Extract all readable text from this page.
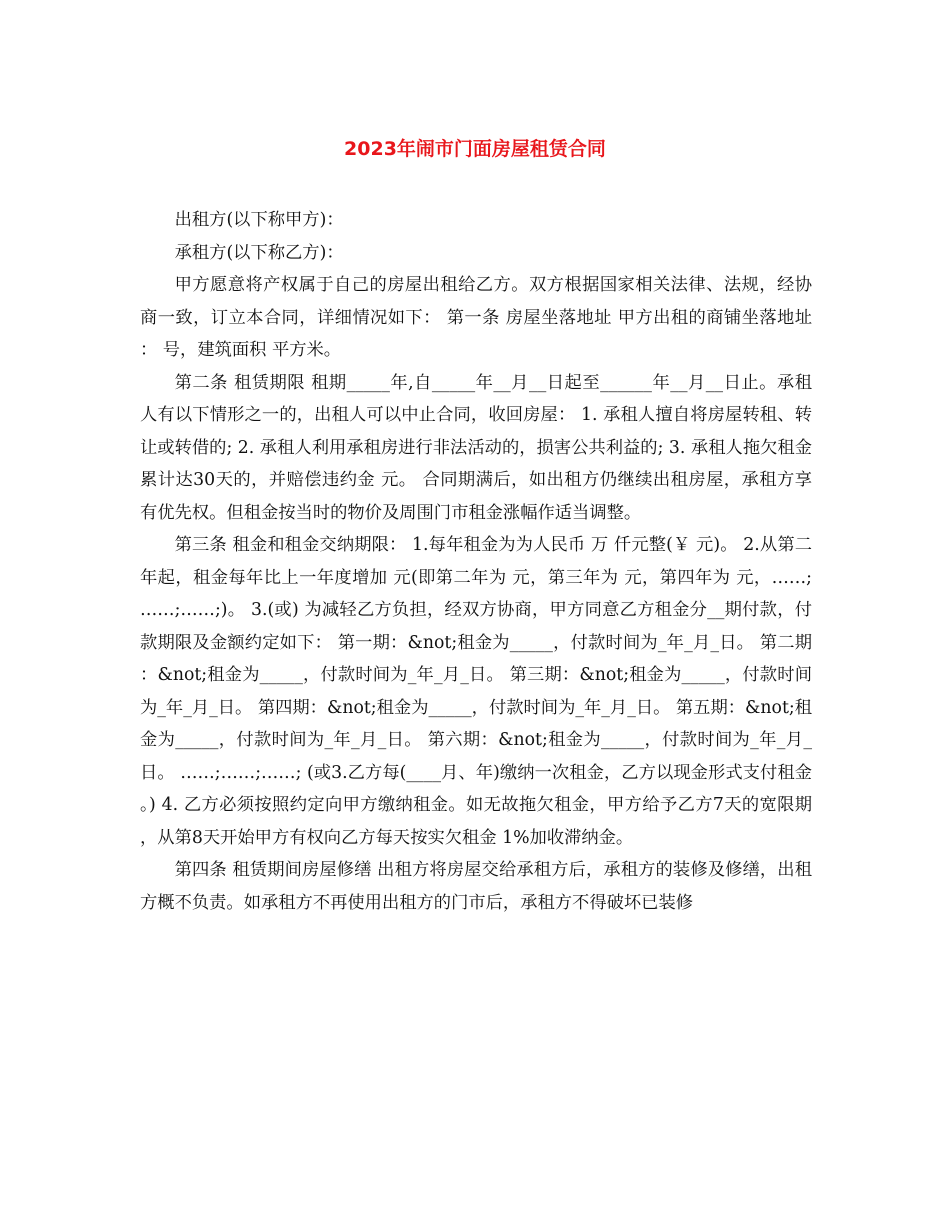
2023年闹市门面房屋租赁合同

出租方(以下称甲方)：

承租方(以下称乙方)：

甲方愿意将产权属于自己的房屋出租给乙方。双方根据国家相关法律、法规，经协商一致，订立本合同，详细情况如下： 第一条 房屋坐落地址 甲方出租的商铺坐落地址： 号，建筑面积 平方米。

第二条 租赁期限 租期_____年,自_____年__月__日起至______年__月__日止。承租人有以下情形之一的，出租人可以中止合同，收回房屋： 1. 承租人擅自将房屋转租、转让或转借的; 2. 承租人利用承租房进行非法活动的，损害公共利益的; 3. 承租人拖欠租金累计达30天的，并赔偿违约金 元。 合同期满后，如出租方仍继续出租房屋，承租方享有优先权。但租金按当时的物价及周围门市租金涨幅作适当调整。

第三条 租金和租金交纳期限： 1.每年租金为为人民币 万 仟元整(￥ 元)。 2.从第二年起，租金每年比上一年度增加 元(即第二年为 元，第三年为 元，第四年为 元，……;……;……;)。 3.(或) 为减轻乙方负担，经双方协商，甲方同意乙方租金分__期付款，付款期限及金额约定如下： 第一期：&not;租金为_____，付款时间为_年_月_日。 第二期：&not;租金为_____，付款时间为_年_月_日。 第三期：&not;租金为_____，付款时间为_年_月_日。 第四期：&not;租金为_____，付款时间为_年_月_日。 第五期：&not;租金为_____，付款时间为_年_月_日。 第六期：&not;租金为_____，付款时间为_年_月_日。 ……;……;……; (或3.乙方每(____月、年)缴纳一次租金，乙方以现金形式支付租金。) 4. 乙方必须按照约定向甲方缴纳租金。如无故拖欠租金，甲方给予乙方7天的宽限期，从第8天开始甲方有权向乙方每天按实欠租金 1%加收滞纳金。

第四条 租赁期间房屋修缮 出租方将房屋交给承租方后，承租方的装修及修缮，出租方概不负责。如承租方不再使用出租方的门市后，承租方不得破坏已装修
